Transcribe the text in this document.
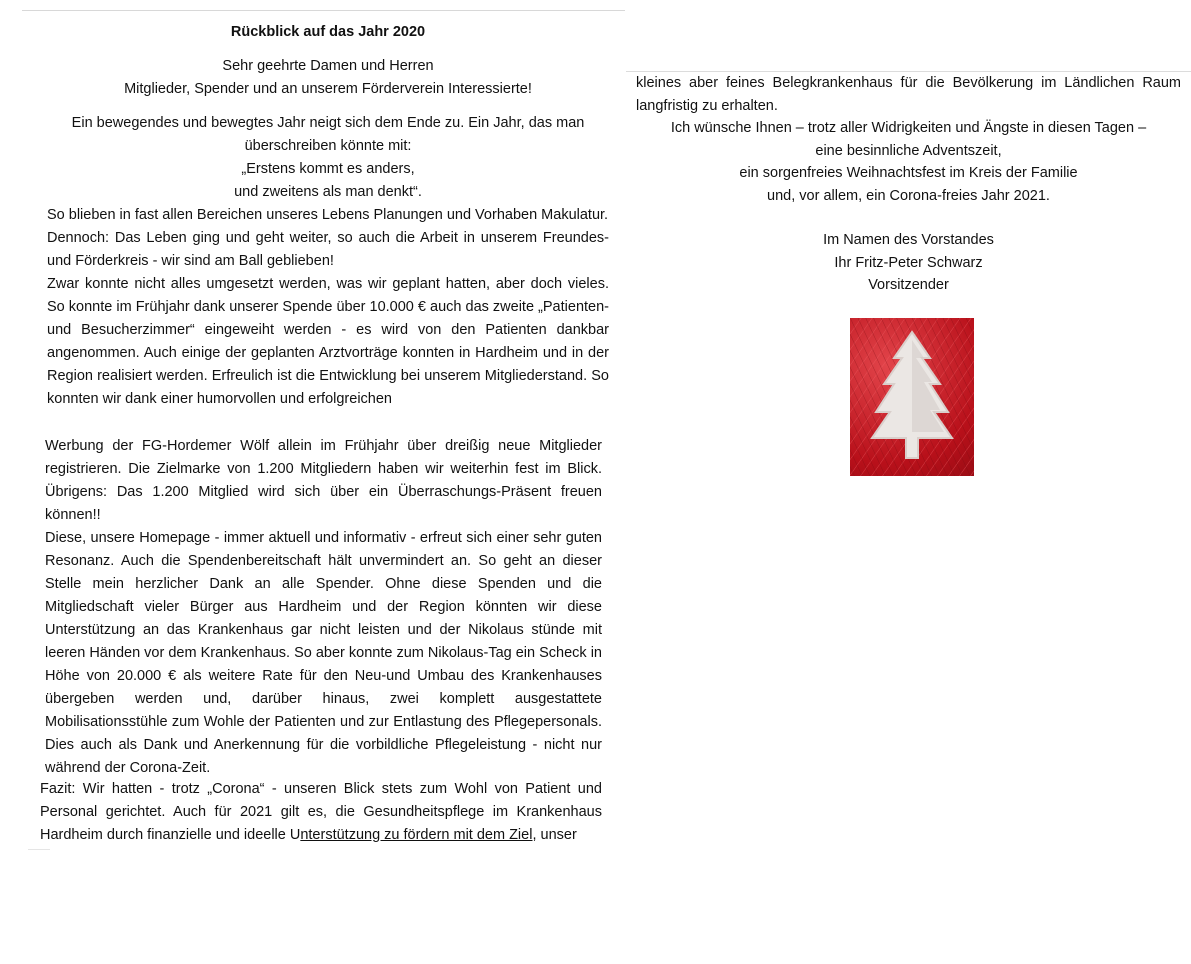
Rückblick auf das Jahr 2020
Sehr geehrte Damen und Herren
Mitglieder, Spender und an unserem Förderverein Interessierte!
Ein bewegendes und bewegtes Jahr neigt sich dem Ende zu. Ein Jahr, das man
überschreiben könnte mit:
„Erstens kommt es anders,
und zweitens als man denkt“.

So blieben in fast allen Bereichen unseres Lebens Planungen und Vorhaben Makulatur.

Dennoch: Das Leben ging und geht weiter, so auch die Arbeit in unserem Freundes- und Förderkreis - wir sind am Ball geblieben!

Zwar konnte nicht alles umgesetzt werden, was wir geplant hatten, aber doch vieles. So konnte im Frühjahr dank unserer Spende über 10.000 € auch das zweite „Patienten- und Besucherzimmer“ eingeweiht werden - es wird von den Patienten dankbar angenommen. Auch einige der geplanten Arztvorträge konnten in Hardheim und in der Region realisiert werden. Erfreulich ist die Entwicklung bei unserem Mitgliederstand. So konnten wir dank einer humorvollen und erfolgreichen

Werbung der FG-Hordemer Wölf allein im Frühjahr über dreißig neue Mitglieder registrieren. Die Zielmarke von 1.200 Mitgliedern haben wir weiterhin fest im Blick. Übrigens: Das 1.200 Mitglied wird sich über ein Überraschungs-Präsent freuen können!!

Diese, unsere Homepage - immer aktuell und informativ - erfreut sich einer sehr guten Resonanz. Auch die Spendenbereitschaft hält unvermindert an. So geht an dieser Stelle mein herzlicher Dank an alle Spender. Ohne diese Spenden und die Mitgliedschaft vieler Bürger aus Hardheim und der Region könnten wir diese Unterstützung an das Krankenhaus gar nicht leisten und der Nikolaus stünde mit leeren Händen vor dem Krankenhaus. So aber konnte zum Nikolaus-Tag ein Scheck in Höhe von 20.000 € als weitere Rate für den Neu-und Umbau des Krankenhauses übergeben werden und, darüber hinaus, zwei komplett ausgestattete Mobilisationsstühle zum Wohle der Patienten und zur Entlastung des Pflegepersonals. Dies auch als Dank und Anerkennung für die vorbildliche Pflegeleistung - nicht nur während der Corona-Zeit.

Fazit: Wir hatten - trotz „Corona“ - unseren Blick stets zum Wohl von Patient und Personal gerichtet. Auch für 2021 gilt es, die Gesundheitspflege im Krankenhaus Hardheim durch finanzielle und ideelle Unterstützung zu fördern mit dem Ziel, unser
kleines aber feines Belegkrankenhaus für die Bevölkerung im Ländlichen Raum langfristig zu erhalten.
Ich wünsche Ihnen – trotz aller Widrigkeiten und Ängste in diesen Tagen –
eine besinnliche Adventszeit,
ein sorgenfreies Weihnachtsfest im Kreis der Familie
und, vor allem, ein Corona-freies Jahr 2021.
Im Namen des Vorstandes
Ihr Fritz-Peter Schwarz
Vorsitzender
